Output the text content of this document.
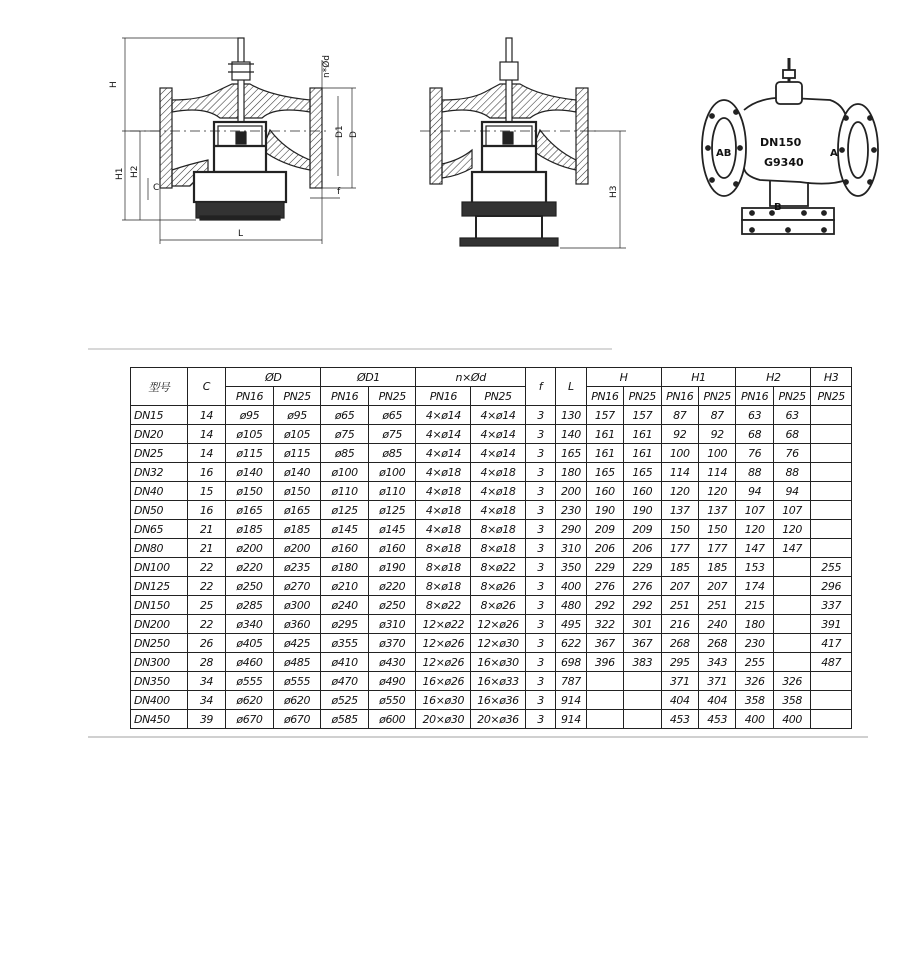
H
n*Ød
D1 D
H1 H2
C	f
L
H3
DN150
G9340
AB	A
B
型号	C	ØD		ØD1		n×Ød		f	L	H		H1		H2		H3
		PN16	PN25	PN16	PN25	PN16	PN25			PN16	PN25	PN16	PN25	PN16	PN25	PN25
DN15	14	ø95	ø95	ø65	ø65	4×ø14	4×ø14	3	130	157	157	87	87	63	63	
DN20	14	ø105	ø105	ø75	ø75	4×ø14	4×ø14	3	140	161	161	92	92	68	68	
DN25	14	ø115	ø115	ø85	ø85	4×ø14	4×ø14	3	165	161	161	100	100	76	76	
DN32	16	ø140	ø140	ø100	ø100	4×ø18	4×ø18	3	180	165	165	114	114	88	88	
DN40	15	ø150	ø150	ø110	ø110	4×ø18	4×ø18	3	200	160	160	120	120	94	94	
DN50	16	ø165	ø165	ø125	ø125	4×ø18	4×ø18	3	230	190	190	137	137	107	107	
DN65	21	ø185	ø185	ø145	ø145	4×ø18	8×ø18	3	290	209	209	150	150	120	120	
DN80	21	ø200	ø200	ø160	ø160	8×ø18	8×ø18	3	310	206	206	177	177	147	147	
DN100	22	ø220	ø235	ø180	ø190	8×ø18	8×ø22	3	350	229	229	185	185	153		255
DN125	22	ø250	ø270	ø210	ø220	8×ø18	8×ø26	3	400	276	276	207	207	174		296
DN150	25	ø285	ø300	ø240	ø250	8×ø22	8×ø26	3	480	292	292	251	251	215		337
DN200	22	ø340	ø360	ø295	ø310	12×ø22	12×ø26	3	495	322	301	216	240	180		391
DN250	26	ø405	ø425	ø355	ø370	12×ø26	12×ø30	3	622	367	367	268	268	230		417
DN300	28	ø460	ø485	ø410	ø430	12×ø26	16×ø30	3	698	396	383	295	343	255		487
DN350	34	ø555	ø555	ø470	ø490	16×ø26	16×ø33	3	787			371	371	326	326	
DN400	34	ø620	ø620	ø525	ø550	16×ø30	16×ø36	3	914			404	404	358	358	
DN450	39	ø670	ø670	ø585	ø600	20×ø30	20×ø36	3	914			453	453	400	400	
